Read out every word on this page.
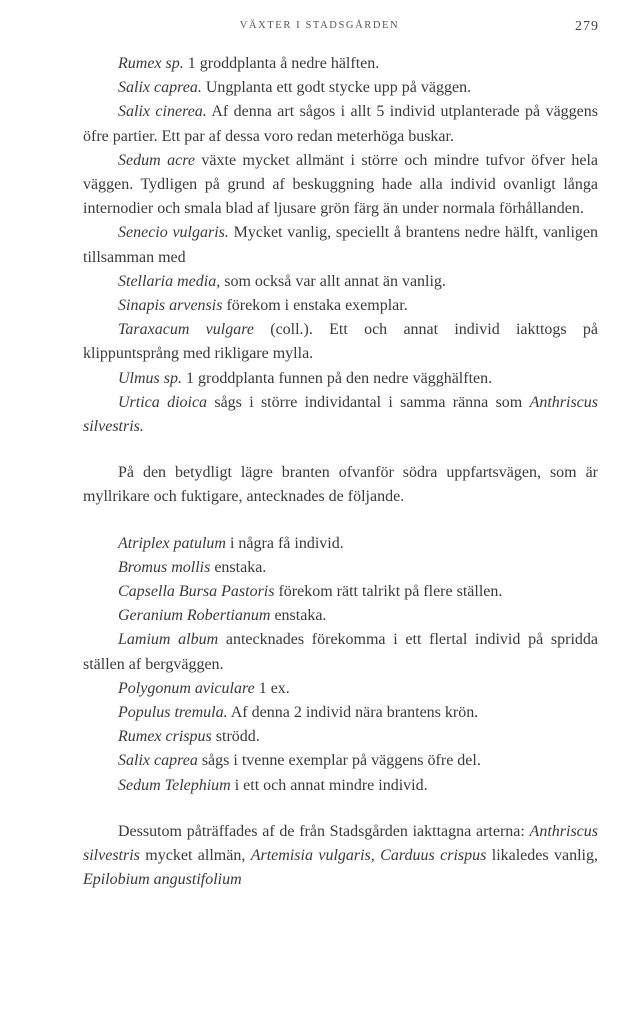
VÄXTER I STADSGÅRDEN	279

Rumex sp. 1 groddplanta å nedre hälften.

Salix caprea. Ungplanta ett godt stycke upp på väggen.

Salix cinerea. Af denna art sågos i allt 5 individ utplanterade på väggens öfre partier. Ett par af dessa voro redan meterhöga buskar.

Sedum acre växte mycket allmänt i större och mindre tufvor öfver hela väggen. Tydligen på grund af beskuggning hade alla individ ovanligt långa internodier och smala blad af ljusare grön färg än under normala förhållanden.

Senecio vulgaris. Mycket vanlig, speciellt å brantens nedre hälft, vanligen tillsamman med

Stellaria media, som också var allt annat än vanlig.

Sinapis arvensis förekom i enstaka exemplar.

Taraxacum vulgare (coll.). Ett och annat individ iakttogs på klippuntsprång med rikligare mylla.

Ulmus sp. 1 groddplanta funnen på den nedre vägghälften.

Urtica dioica sågs i större individantal i samma ränna som Anthriscus silvestris.

På den betydligt lägre branten ofvanför södra uppfartsvägen, som är myllrikare och fuktigare, antecknades de följande.

Atriplex patulum i några få individ.

Bromus mollis enstaka.

Capsella Bursa Pastoris förekom rätt talrikt på flere ställen.

Geranium Robertianum enstaka.

Lamium album antecknades förekomma i ett flertal individ på spridda ställen af bergväggen.

Polygonum aviculare 1 ex.

Populus tremula. Af denna 2 individ nära brantens krön.

Rumex crispus strödd.

Salix caprea sågs i tvenne exemplar på väggens öfre del.

Sedum Telephium i ett och annat mindre individ.

Dessutom påträffades af de från Stadsgården iakttagna arterna: Anthriscus silvestris mycket allmän, Artemisia vulgaris, Carduus crispus likaledes vanlig, Epilobium angustifolium
